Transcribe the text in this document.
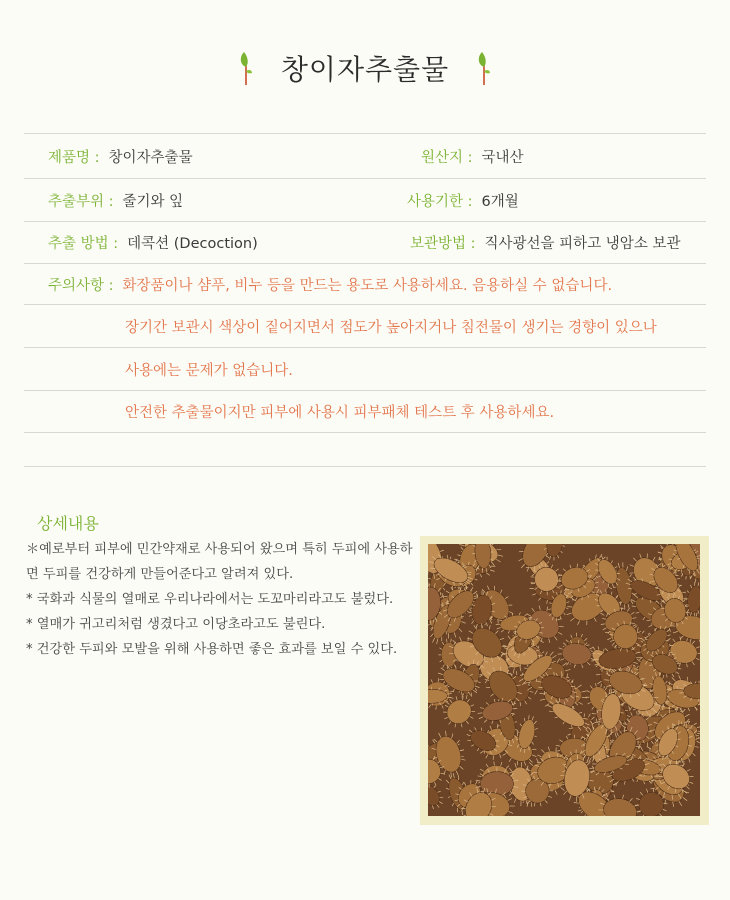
창이자추출물
제품명 : 창이자추출물	원산지 : 국내산
추출부위 : 줄기와 잎	사용기한 : 6개월
추출 방법 : 데콕션 (Decoction)	보관방법 : 직사광선을 피하고 냉암소 보관
주의사항 : 화장품이나 샴푸, 비누 등을 만드는 용도로 사용하세요. 음용하실 수 없습니다.
장기간 보관시 색상이 짙어지면서 점도가 높아지거나 침전물이 생기는 경향이 있으나
사용에는 문제가 없습니다.
안전한 추출물이지만 피부에 사용시 피부패체 테스트 후 사용하세요.
상세내용

＊예로부터 피부에 민간약재로 사용되어 왔으며 특히 두피에 사용하

면 두피를 건강하게 만들어준다고 알려져 있다.

* 국화과 식물의 열매로 우리나라에서는 도꼬마리라고도 불렀다.

* 열매가 귀고리처럼 생겼다고 이당초라고도 불린다.

* 건강한 두피와 모발을 위해 사용하면 좋은 효과를 보일 수 있다.
